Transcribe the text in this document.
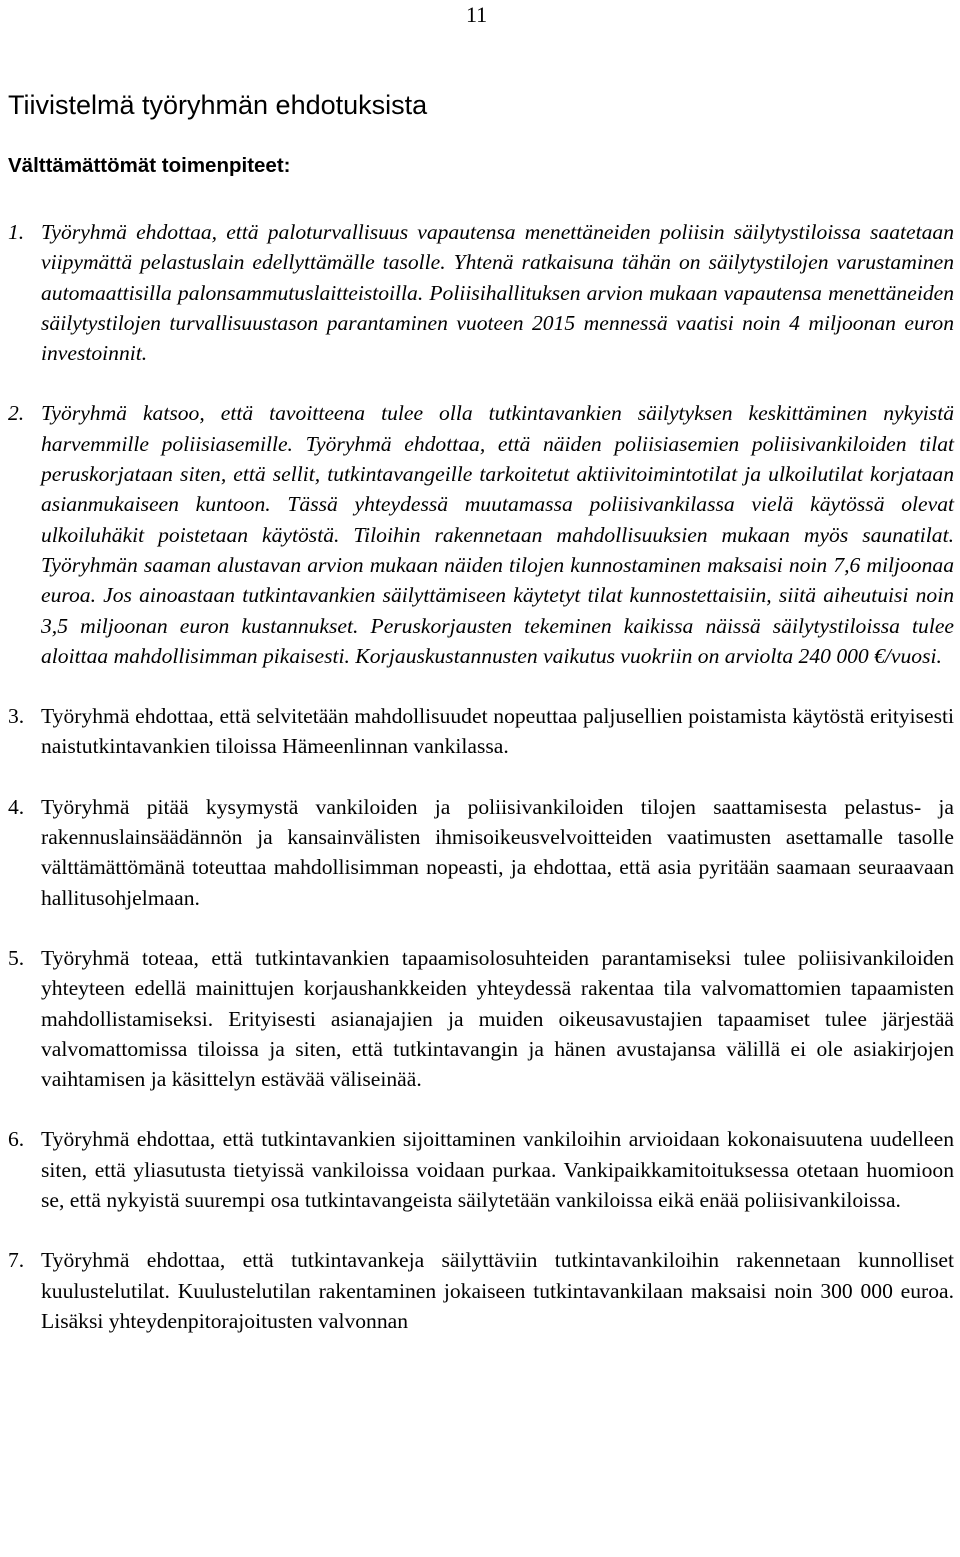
11
Tiivistelmä työryhmän ehdotuksista
Välttämättömät toimenpiteet:
1. Työryhmä ehdottaa, että paloturvallisuus vapautensa menettäneiden poliisin säilytystiloissa saatetaan viipymättä pelastuslain edellyttämälle tasolle. Yhtenä ratkaisuna tähän on säilytystilojen varustaminen automaattisilla palonsammutuslaitteistoilla. Poliisihallituksen arvion mukaan vapautensa menettäneiden säilytystilojen turvallisuustason parantaminen vuoteen 2015 mennessä vaatisi noin 4 miljoonan euron investoinnit.
2. Työryhmä katsoo, että tavoitteena tulee olla tutkintavankien säilytyksen keskittäminen nykyistä harvemmille poliisiasemille. Työryhmä ehdottaa, että näiden poliisiasemien poliisivankiloiden tilat peruskorjataan siten, että sellit, tutkintavangeille tarkoitetut aktiivitoimintotilat ja ulkoilutilat korjataan asianmukaiseen kuntoon. Tässä yhteydessä muutamassa poliisivankilassa vielä käytössä olevat ulkoiluhäkit poistetaan käytöstä. Tiloihin rakennetaan mahdollisuuksien mukaan myös saunatilat. Työryhmän saaman alustavan arvion mukaan näiden tilojen kunnostaminen maksaisi noin 7,6 miljoonaa euroa. Jos ainoastaan tutkintavankien säilyttämiseen käytetyt tilat kunnostettaisiin, siitä aiheutuisi noin 3,5 miljoonan euron kustannukset. Peruskorjausten tekeminen kaikissa näissä säilytystiloissa tulee aloittaa mahdollisimman pikaisesti. Korjauskustannusten vaikutus vuokriin on arviolta 240 000 €/vuosi.
3. Työryhmä ehdottaa, että selvitetään mahdollisuudet nopeuttaa paljusellien poistamista käytöstä erityisesti naistutkintavankien tiloissa Hämeenlinnan vankilassa.
4. Työryhmä pitää kysymystä vankiloiden ja poliisivankiloiden tilojen saattamisesta pelastus- ja rakennuslainsäädännön ja kansainvälisten ihmisoikeusvelvoitteiden vaatimusten asettamalle tasolle välttämättömänä toteuttaa mahdollisimman nopeasti, ja ehdottaa, että asia pyritään saamaan seuraavaan hallitusohjelmaan.
5. Työryhmä toteaa, että tutkintavankien tapaamisolosuhteiden parantamiseksi tulee poliisivankiloiden yhteyteen edellä mainittujen korjaushankkeiden yhteydessä rakentaa tila valvomattomien tapaamisten mahdollistamiseksi. Erityisesti asianajajien ja muiden oikeusavustajien tapaamiset tulee järjestää valvomattomissa tiloissa ja siten, että tutkintavangin ja hänen avustajansa välillä ei ole asiakirjojen vaihtamisen ja käsittelyn estävää väliseinää.
6. Työryhmä ehdottaa, että tutkintavankien sijoittaminen vankiloihin arvioidaan kokonaisuutena uudelleen siten, että yliasutusta tietyissä vankiloissa voidaan purkaa. Vankipaikkamitoituksessa otetaan huomioon se, että nykyistä suurempi osa tutkintavangeista säilytetään vankiloissa eikä enää poliisivankiloissa.
7. Työryhmä ehdottaa, että tutkintavankeja säilyttäviin tutkintavankiloihin rakennetaan kunnolliset kuulustelutilat. Kuulustelutilan rakentaminen jokaiseen tutkintavankilaan maksaisi noin 300 000 euroa. Lisäksi yhteydenpitorajoitusten valvonnan
